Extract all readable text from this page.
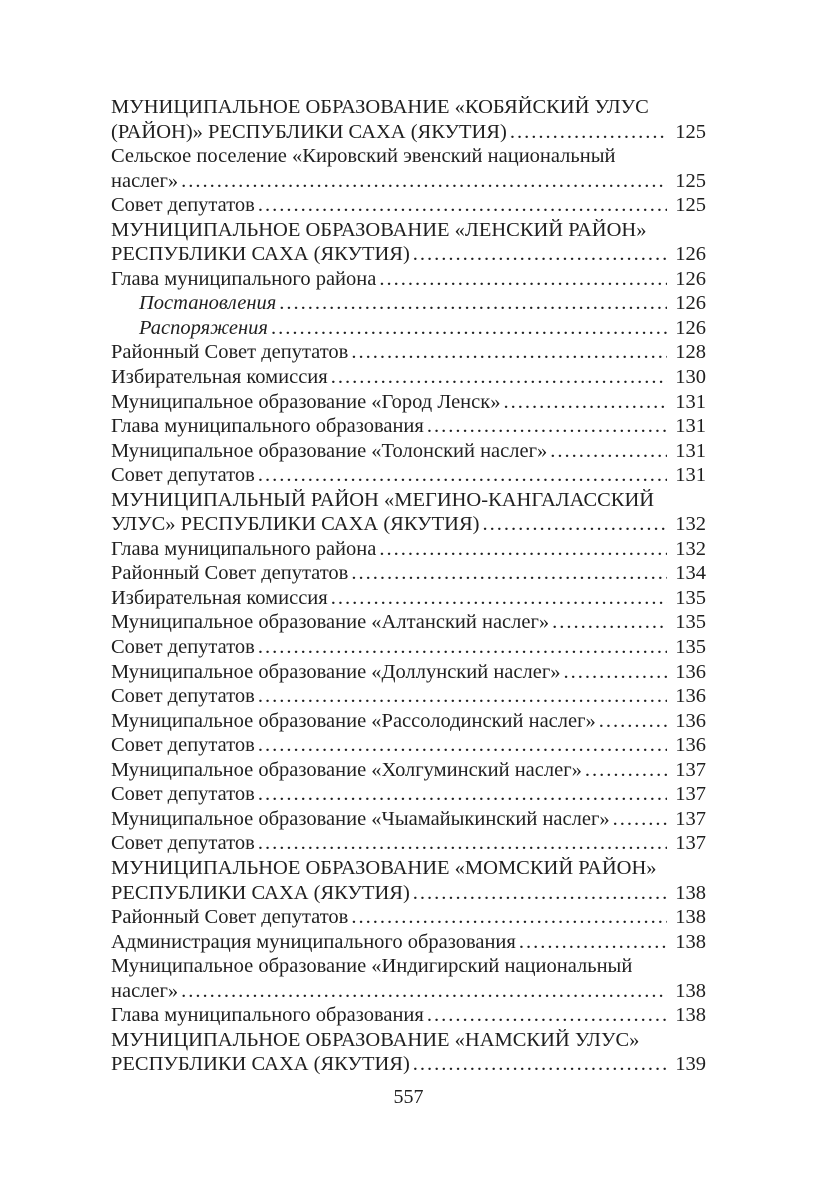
МУНИЦИПАЛЬНОЕ ОБРАЗОВАНИЕ «КОБЯЙСКИЙ УЛУС
(РАЙОН)» РЕСПУБЛИКИ САХА (ЯКУТИЯ) .....	125
Сельское поселение «Кировский эвенский национальный
наслег» .....	125
Совет депутатов .....	125
МУНИЦИПАЛЬНОЕ ОБРАЗОВАНИЕ «ЛЕНСКИЙ РАЙОН»
РЕСПУБЛИКИ САХА (ЯКУТИЯ) .....	126
Глава муниципального района .....	126
Постановления .....	126
Распоряжения .....	126
Районный Совет депутатов .....	128
Избирательная комиссия .....	130
Муниципальное образование «Город Ленск» .....	131
Глава муниципального образования .....	131
Муниципальное образование «Толонский наслег» .....	131
Совет депутатов .....	131
МУНИЦИПАЛЬНЫЙ РАЙОН «МЕГИНО-КАНГАЛАССКИЙ
УЛУС» РЕСПУБЛИКИ САХА (ЯКУТИЯ) .....	132
Глава муниципального района .....	132
Районный Совет депутатов .....	134
Избирательная комиссия .....	135
Муниципальное образование «Алтанский наслег» .....	135
Совет депутатов .....	135
Муниципальное образование «Доллунский наслег» .....	136
Совет депутатов .....	136
Муниципальное образование «Рассолодинский наслег» .....	136
Совет депутатов .....	136
Муниципальное образование «Холгуминский наслег» .....	137
Совет депутатов .....	137
Муниципальное образование «Чыамайыкинский наслег» .....	137
Совет депутатов .....	137
МУНИЦИПАЛЬНОЕ ОБРАЗОВАНИЕ «МОМСКИЙ РАЙОН»
РЕСПУБЛИКИ САХА (ЯКУТИЯ) .....	138
Районный Совет депутатов .....	138
Администрация муниципального образования .....	138
Муниципальное образование «Индигирский национальный
наслег» .....	138
Глава муниципального образования .....	138
МУНИЦИПАЛЬНОЕ ОБРАЗОВАНИЕ «НАМСКИЙ УЛУС»
РЕСПУБЛИКИ САХА (ЯКУТИЯ) .....	139
557
